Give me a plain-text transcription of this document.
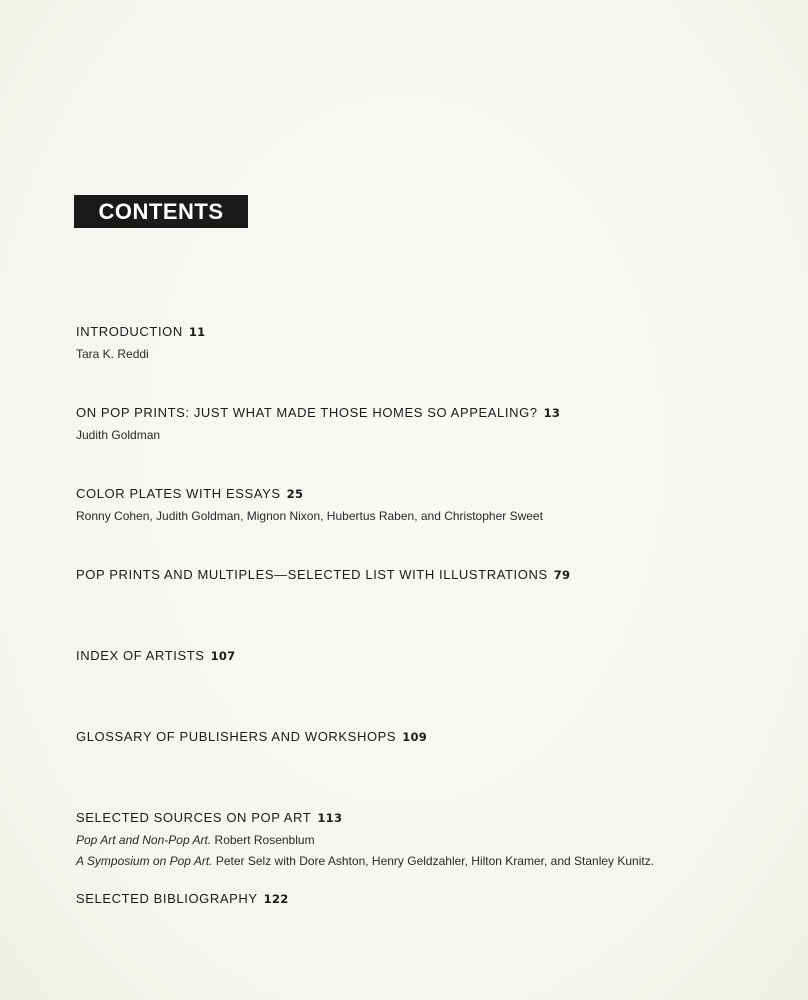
CONTENTS
INTRODUCTION 11
Tara K. Reddi
ON POP PRINTS: JUST WHAT MADE THOSE HOMES SO APPEALING? 13
Judith Goldman
COLOR PLATES WITH ESSAYS 25
Ronny Cohen, Judith Goldman, Mignon Nixon, Hubertus Raben, and Christopher Sweet
POP PRINTS AND MULTIPLES—SELECTED LIST WITH ILLUSTRATIONS 79
INDEX OF ARTISTS 107
GLOSSARY OF PUBLISHERS AND WORKSHOPS 109
SELECTED SOURCES ON POP ART 113
Pop Art and Non-Pop Art. Robert Rosenblum
A Symposium on Pop Art. Peter Selz with Dore Ashton, Henry Geldzahler, Hilton Kramer, and Stanley Kunitz.
SELECTED BIBLIOGRAPHY 122
